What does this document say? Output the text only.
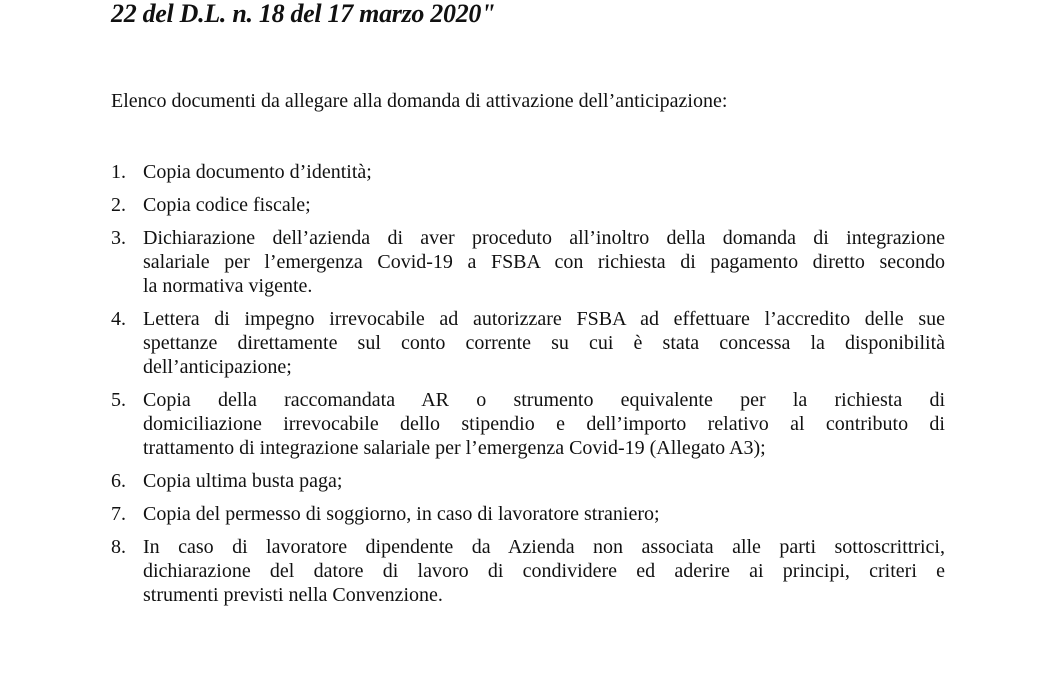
22 del D.L. n. 18 del 17 marzo 2020"
Elenco documenti da allegare alla domanda di attivazione dell’anticipazione:
1. Copia documento d’identità;
2. Copia codice fiscale;
3. Dichiarazione dell’azienda di aver proceduto all’inoltro della domanda di integrazione
salariale per l’emergenza Covid-19 a FSBA con richiesta di pagamento diretto secondo
la normativa vigente.
4. Lettera di impegno irrevocabile ad autorizzare FSBA ad effettuare l’accredito delle sue
spettanze direttamente sul conto corrente su cui è stata concessa la disponibilità
dell’anticipazione;
5. Copia della raccomandata AR o strumento equivalente per la richiesta di
domiciliazione irrevocabile dello stipendio e dell’importo relativo al contributo di
trattamento di integrazione salariale per l’emergenza Covid-19 (Allegato A3);
6. Copia ultima busta paga;
7. Copia del permesso di soggiorno, in caso di lavoratore straniero;
8. In caso di lavoratore dipendente da Azienda non associata alle parti sottoscrittrici,
dichiarazione del datore di lavoro di condividere ed aderire ai principi, criteri e
strumenti previsti nella Convenzione.
